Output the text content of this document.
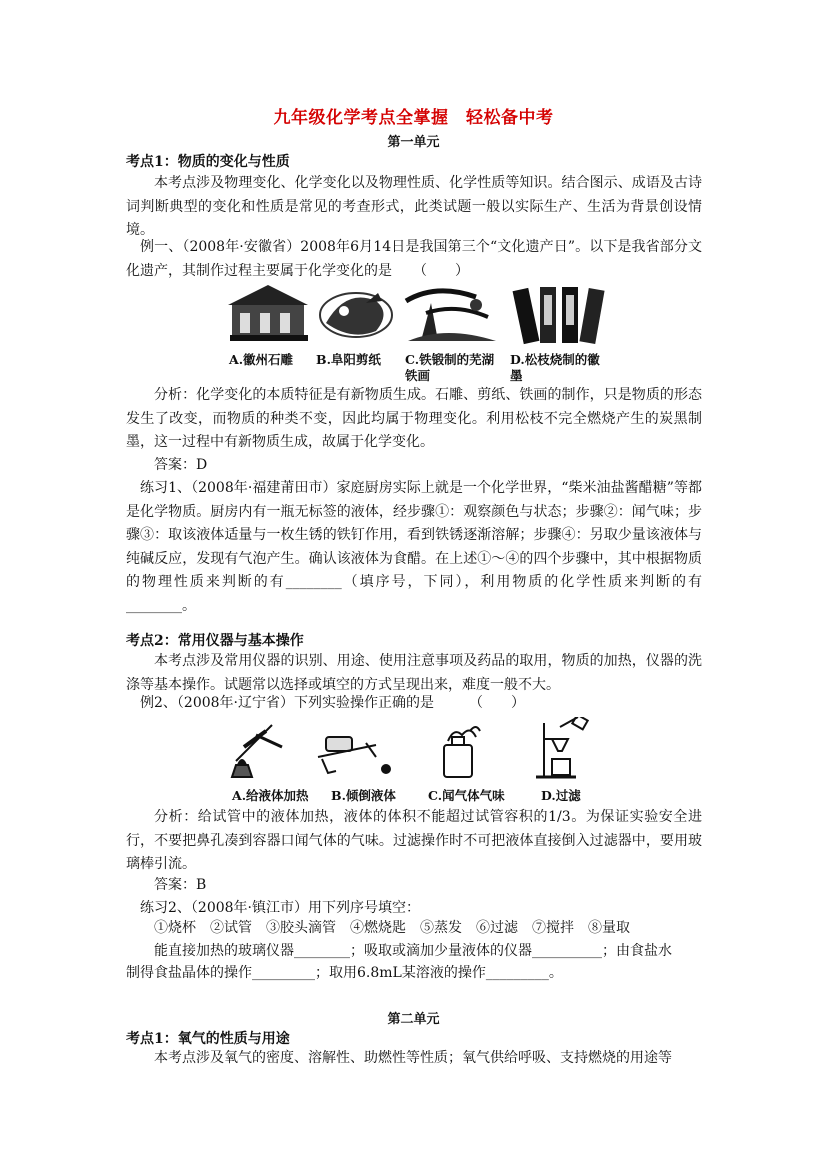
九年级化学考点全掌握　轻松备中考
第一单元
考点1：物质的变化与性质
本考点涉及物理变化、化学变化以及物理性质、化学性质等知识。结合图示、成语及古诗词判断典型的变化和性质是常见的考查形式，此类试题一般以实际生产、生活为背景创设情境。
例一、（2008年·安徽省）2008年6月14日是我国第三个“文化遗产日”。以下是我省部分文化遗产，其制作过程主要属于化学变化的是　　（　　）
A.徽州石雕 B.阜阳剪纸 C.铁锻制的芜湖铁画
D.松枝烧制的徽墨
分析：化学变化的本质特征是有新物质生成。石雕、剪纸、铁画的制作，只是物质的形态发生了改变，而物质的种类不变，因此均属于物理变化。利用松枝不完全燃烧产生的炭黑制墨，这一过程中有新物质生成，故属于化学变化。
答案：D
练习1、（2008年·福建莆田市）家庭厨房实际上就是一个化学世界，“柴米油盐酱醋糖”等都是化学物质。厨房内有一瓶无标签的液体，经步骤①：观察颜色与状态；步骤②：闻气味；步骤③：取该液体适量与一枚生锈的铁钉作用，看到铁锈逐渐溶解；步骤④：另取少量该液体与纯碱反应，发现有气泡产生。确认该液体为食醋。在上述①～④的四个步骤中，其中根据物质的物理性质来判断的有________（填序号，下同），利用物质的化学性质来判断的有________。
考点2：常用仪器与基本操作
本考点涉及常用仪器的识别、用途、使用注意事项及药品的取用，物质的加热，仪器的洗涤等基本操作。试题常以选择或填空的方式呈现出来，难度一般不大。
例2、（2008年·辽宁省）下列实验操作正确的是　　　（　　）
A.给液体加热 B.倾倒液体	C.闻气体气味	D.过滤
分析：给试管中的液体加热，液体的体积不能超过试管容积的1/3。为保证实验安全进行，不要把鼻孔凑到容器口闻气体的气味。过滤操作时不可把液体直接倒入过滤器中，要用玻璃棒引流。
答案：B
练习2、（2008年·镇江市）用下列序号填空：
①烧杯　②试管　③胶头滴管　④燃烧匙　⑤蒸发　⑥过滤　⑦搅拌　⑧量取
能直接加热的玻璃仪器________；吸取或滴加少量液体的仪器__________；由食盐水
制得食盐晶体的操作_________；取用6.8mL某溶液的操作_________。
第二单元
考点1：氧气的性质与用途
本考点涉及氧气的密度、溶解性、助燃性等性质；氧气供给呼吸、支持燃烧的用途等
